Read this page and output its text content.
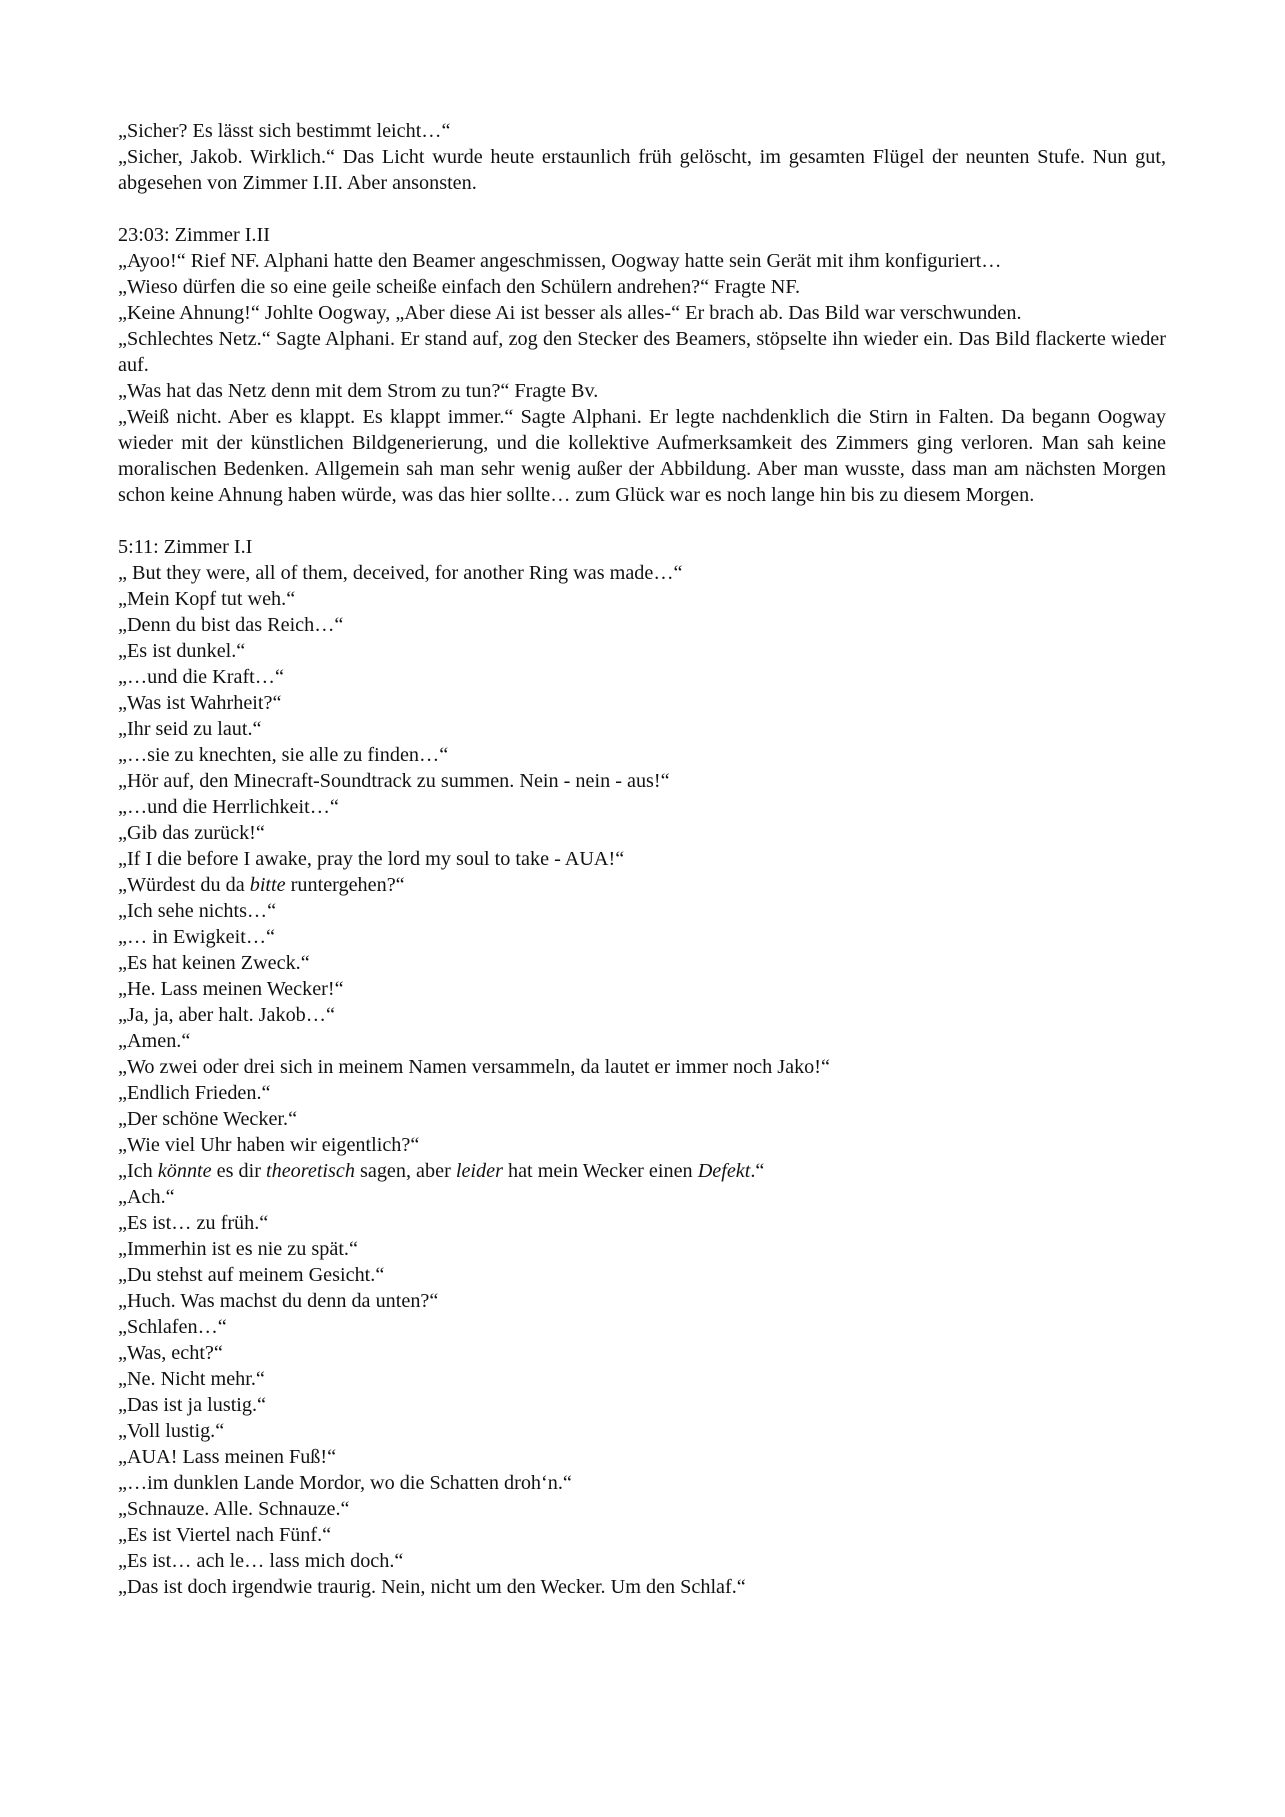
„Sicher? Es lässt sich bestimmt leicht…“

„Sicher, Jakob. Wirklich.“ Das Licht wurde heute erstaunlich früh gelöscht, im gesamten Flügel der neunten Stufe. Nun gut, abgesehen von Zimmer I.II. Aber ansonsten.

23:03: Zimmer I.II

„Ayoo!“ Rief NF. Alphani hatte den Beamer angeschmissen, Oogway hatte sein Gerät mit ihm konfiguriert…

„Wieso dürfen die so eine geile scheiße einfach den Schülern andrehen?“ Fragte NF.

„Keine Ahnung!“ Johlte Oogway, „Aber diese Ai ist besser als alles-“ Er brach ab. Das Bild war verschwunden.

„Schlechtes Netz.“ Sagte Alphani. Er stand auf, zog den Stecker des Beamers, stöpselte ihn wieder ein. Das Bild flackerte wieder auf.

„Was hat das Netz denn mit dem Strom zu tun?“ Fragte Bv.

„Weiß nicht. Aber es klappt. Es klappt immer.“ Sagte Alphani. Er legte nachdenklich die Stirn in Falten. Da begann Oogway wieder mit der künstlichen Bildgenerierung, und die kollektive Aufmerksamkeit des Zimmers ging verloren. Man sah keine moralischen Bedenken. Allgemein sah man sehr wenig außer der Abbildung. Aber man wusste, dass man am nächsten Morgen schon keine Ahnung haben würde, was das hier sollte… zum Glück war es noch lange hin bis zu diesem Morgen.

5:11: Zimmer I.I

„ But they were, all of them, deceived, for another Ring was made…“

„Mein Kopf tut weh.“

„Denn du bist das Reich…“

„Es ist dunkel.“

„…und die Kraft…“

„Was ist Wahrheit?“

„Ihr seid zu laut.“

„…sie zu knechten, sie alle zu finden…“

„Hör auf, den Minecraft-Soundtrack zu summen. Nein - nein - aus!“

„…und die Herrlichkeit…“

„Gib das zurück!“

„If I die before I awake, pray the lord my soul to take - AUA!“

„Würdest du da bitte runtergehen?“

„Ich sehe nichts…“

„… in Ewigkeit…“

„Es hat keinen Zweck.“

„He. Lass meinen Wecker!“

„Ja, ja, aber halt. Jakob…“

„Amen.“

„Wo zwei oder drei sich in meinem Namen versammeln, da lautet er immer noch Jako!“

„Endlich Frieden.“

„Der schöne Wecker.“

„Wie viel Uhr haben wir eigentlich?“

„Ich könnte es dir theoretisch sagen, aber leider hat mein Wecker einen Defekt.“

„Ach.“

„Es ist… zu früh.“

„Immerhin ist es nie zu spät.“

„Du stehst auf meinem Gesicht.“

„Huch. Was machst du denn da unten?“

„Schlafen…“

„Was, echt?“

„Ne. Nicht mehr.“

„Das ist ja lustig.“

„Voll lustig.“

„AUA! Lass meinen Fuß!“

„…im dunklen Lande Mordor, wo die Schatten droh‘n.“

„Schnauze. Alle. Schnauze.“

„Es ist Viertel nach Fünf.“

„Es ist… ach le… lass mich doch.“

„Das ist doch irgendwie traurig. Nein, nicht um den Wecker. Um den Schlaf.“
